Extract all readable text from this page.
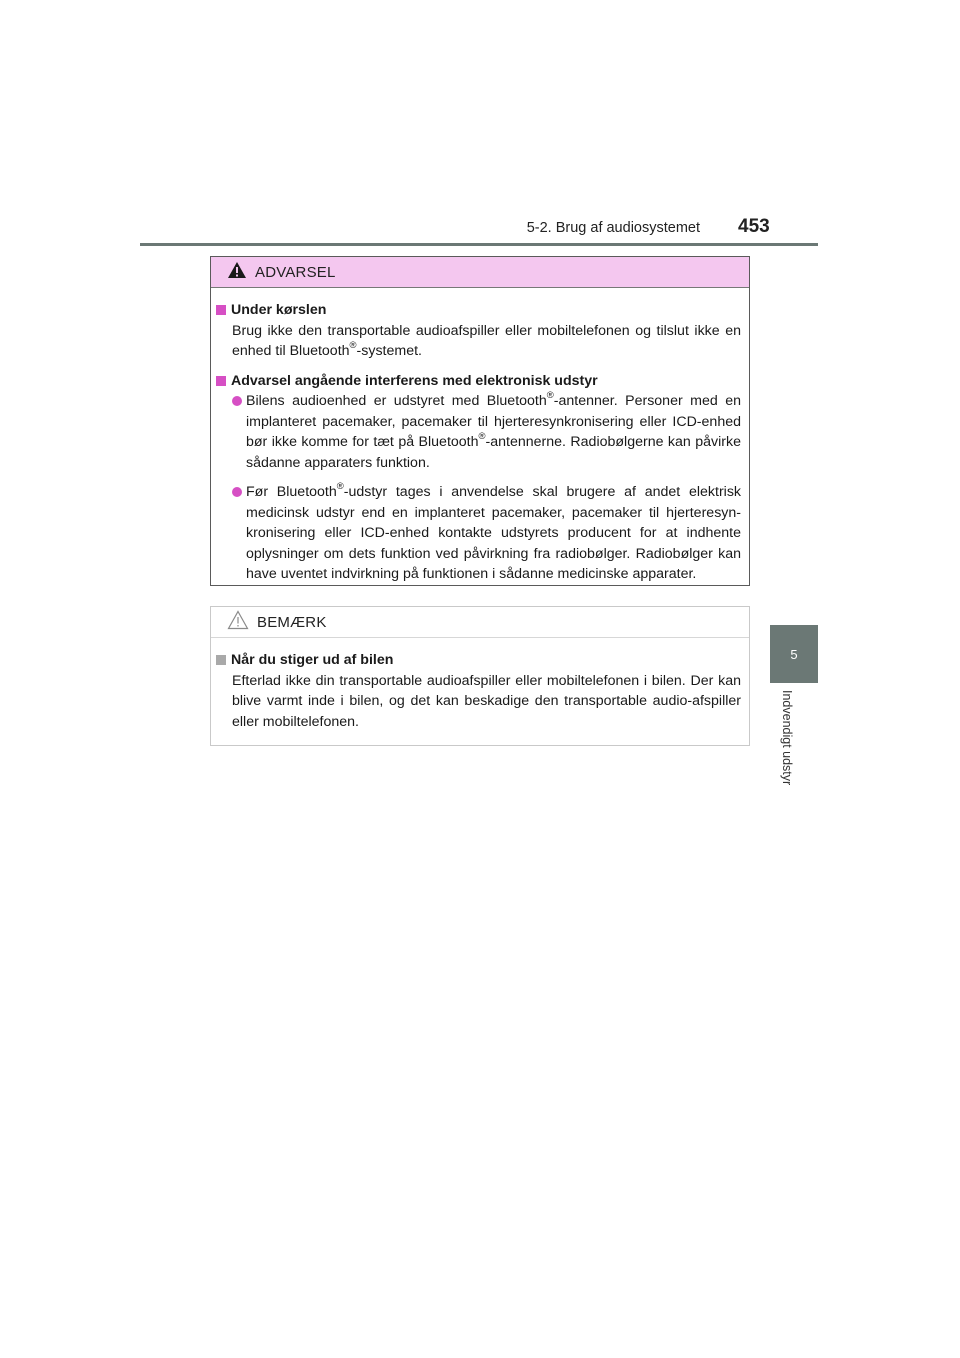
5-2. Brug af audiosystemet 453
5
Indvendigt udstyr
ADVARSEL
Under kørslen

Brug ikke den transportable audioafspiller eller mobiltelefonen og tilslut ikke en enhed til Bluetooth®-systemet.

Advarsel angående interferens med elektronisk udstyr
Bilens audioenhed er udstyret med Bluetooth®-antenner. Personer med en implanteret pacemaker, pacemaker til hjerteresynkronisering eller ICD-enhed bør ikke komme for tæt på Bluetooth®-antennerne. Radiobølgerne kan påvirke sådanne apparaters funktion.
Før Bluetooth®-udstyr tages i anvendelse skal brugere af andet elektrisk medicinsk udstyr end en implanteret pacemaker, pacemaker til hjerteresyn-kronisering eller ICD-enhed kontakte udstyrets producent for at indhente oplysninger om dets funktion ved påvirkning fra radiobølger. Radiobølger kan have uventet indvirkning på funktionen i sådanne medicinske apparater.
BEMÆRK
Når du stiger ud af bilen

Efterlad ikke din transportable audioafspiller eller mobiltelefonen i bilen. Der kan blive varmt inde i bilen, og det kan beskadige den transportable audio-afspiller eller mobiltelefonen.
